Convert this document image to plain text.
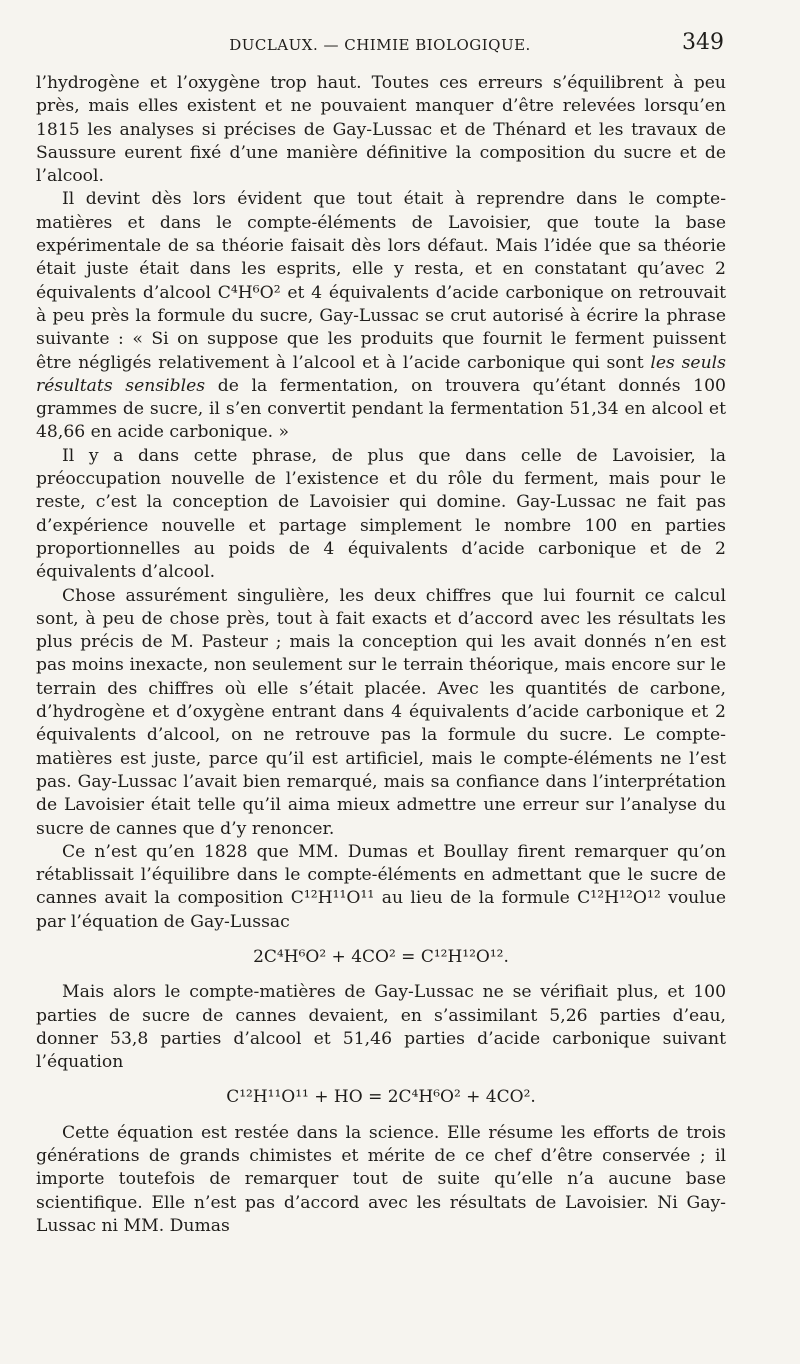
DUCLAUX. — CHIMIE BIOLOGIQUE.	349

l’hydrogène et l’oxygène trop haut. Toutes ces erreurs s’équilibrent à peu près, mais elles existent et ne pouvaient manquer d’être relevées lorsqu’en 1815 les analyses si précises de Gay-Lussac et de Thénard et les travaux de Saussure eurent fixé d’une manière définitive la composition du sucre et de l’alcool.

Il devint dès lors évident que tout était à reprendre dans le compte-matières et dans le compte-éléments de Lavoisier, que toute la base expérimentale de sa théorie faisait dès lors défaut. Mais l’idée que sa théorie était juste était dans les esprits, elle y resta, et en constatant qu’avec 2 équivalents d’alcool C⁴H⁶O² et 4 équivalents d’acide carbonique on retrouvait à peu près la formule du sucre, Gay-Lussac se crut autorisé à écrire la phrase suivante : « Si on suppose que les produits que fournit le ferment puissent être négligés relativement à l’alcool et à l’acide carbonique qui sont les seuls résultats sensibles de la fermentation, on trouvera qu’étant donnés 100 grammes de sucre, il s’en convertit pendant la fermentation 51,34 en alcool et 48,66 en acide carbonique. »

Il y a dans cette phrase, de plus que dans celle de Lavoisier, la préoccupation nouvelle de l’existence et du rôle du ferment, mais pour le reste, c’est la conception de Lavoisier qui domine. Gay-Lussac ne fait pas d’expérience nouvelle et partage simplement le nombre 100 en parties proportionnelles au poids de 4 équivalents d’acide carbonique et de 2 équivalents d’alcool.

Chose assurément singulière, les deux chiffres que lui fournit ce calcul sont, à peu de chose près, tout à fait exacts et d’accord avec les résultats les plus précis de M. Pasteur ; mais la conception qui les avait donnés n’en est pas moins inexacte, non seulement sur le terrain théorique, mais encore sur le terrain des chiffres où elle s’était placée. Avec les quantités de carbone, d’hydrogène et d’oxygène entrant dans 4 équivalents d’acide carbonique et 2 équivalents d’alcool, on ne retrouve pas la formule du sucre. Le compte-matières est juste, parce qu’il est artificiel, mais le compte-éléments ne l’est pas. Gay-Lussac l’avait bien remarqué, mais sa confiance dans l’interprétation de Lavoisier était telle qu’il aima mieux admettre une erreur sur l’analyse du sucre de cannes que d’y renoncer.

Ce n’est qu’en 1828 que MM. Dumas et Boullay firent remarquer qu’on rétablissait l’équilibre dans le compte-éléments en admettant que le sucre de cannes avait la composition C¹²H¹¹O¹¹ au lieu de la formule C¹²H¹²O¹² voulue par l’équation de Gay-Lussac

2C⁴H⁶O² + 4CO² = C¹²H¹²O¹².

Mais alors le compte-matières de Gay-Lussac ne se vérifiait plus, et 100 parties de sucre de cannes devaient, en s’assimilant 5,26 parties d’eau, donner 53,8 parties d’alcool et 51,46 parties d’acide carbonique suivant l’équation

C¹²H¹¹O¹¹ + HO = 2C⁴H⁶O² + 4CO².

Cette équation est restée dans la science. Elle résume les efforts de trois générations de grands chimistes et mérite de ce chef d’être conservée ; il importe toutefois de remarquer tout de suite qu’elle n’a aucune base scientifique. Elle n’est pas d’accord avec les résultats de Lavoisier. Ni Gay-Lussac ni MM. Dumas
